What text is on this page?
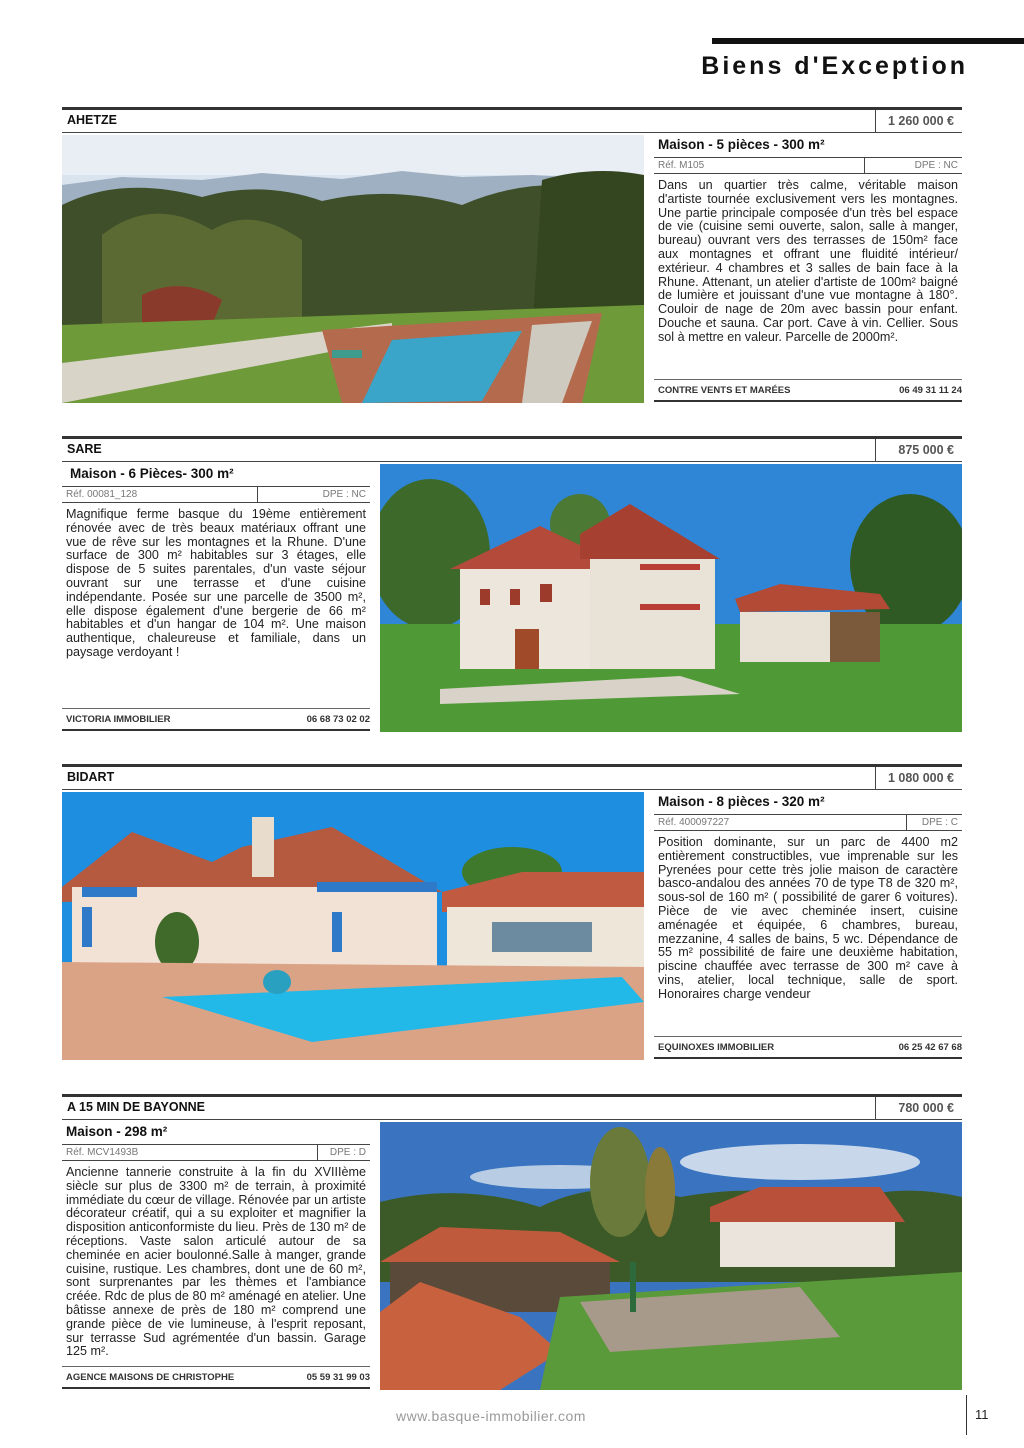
Biens d'Exception
AHETZE	1 260 000 €
Maison - 5 pièces - 300 m²
Réf. M105	DPE : NC
Dans un quartier très calme, véritable maison d'artiste tournée exclusivement vers les montagnes. Une partie principale composée d'un très bel espace de vie (cuisine semi ouverte, salon, salle à manger, bureau) ouvrant vers des terrasses de 150m² face aux montagnes et offrant une fluidité intérieur/ extérieur. 4 chambres et 3 salles de bain face à la Rhune. Attenant, un atelier d'artiste de 100m² baigné de lumière et jouissant d'une vue montagne à 180°. Couloir de nage de 20m avec bassin pour enfant. Douche et sauna. Car port. Cave à vin. Cellier. Sous sol à mettre en valeur. Parcelle de 2000m².
CONTRE VENTS ET MARÉES	06 49 31 11 24
SARE	875 000 €
Maison - 6 Pièces- 300 m²
Réf. 00081_128	DPE : NC
Magnifique ferme basque du 19ème entièrement rénovée avec de très beaux matériaux offrant une vue de rêve sur les montagnes et la Rhune. D'une surface de 300 m² habitables sur 3 étages, elle dispose de 5 suites parentales, d'un vaste séjour ouvrant sur une terrasse et d'une cuisine indépendante. Posée sur une parcelle de 3500 m², elle dispose également d'une bergerie de 66 m² habitables et d'un hangar de 104 m². Une maison authentique, chaleureuse et familiale, dans un paysage verdoyant !
VICTORIA IMMOBILIER	06 68 73 02 02
BIDART	1 080 000 €
Maison - 8 pièces - 320 m²
Réf. 400097227	DPE : C
Position dominante, sur un parc de 4400 m2 entièrement constructibles, vue imprenable sur les Pyrenées pour cette très jolie maison de caractère basco-andalou des années 70 de type T8 de 320 m², sous-sol de 160 m² ( possibilité de garer 6 voitures). Pièce de vie avec cheminée insert, cuisine aménagée et équipée, 6 chambres, bureau, mezzanine, 4 salles de bains, 5 wc. Dépendance de 55 m² possibilité de faire une deuxième habitation, piscine chauffée avec terrasse de 300 m² cave à vins, atelier, local technique, salle de sport. Honoraires charge vendeur
EQUINOXES IMMOBILIER	06 25 42 67 68
A 15 MIN DE BAYONNE	780 000 €
Maison - 298 m²
Réf. MCV1493B	DPE : D
Ancienne tannerie construite à la fin du XVIIIème siècle sur plus de 3300 m² de terrain, à proximité immédiate du cœur de village. Rénovée par un artiste décorateur créatif, qui a su exploiter et magnifier la disposition anticonformiste du lieu. Près de 130 m² de réceptions. Vaste salon articulé autour de sa cheminée en acier boulonné.Salle à manger, grande cuisine, rustique. Les chambres, dont une de 60 m², sont surprenantes par les thèmes et l'ambiance créée. Rdc de plus de 80 m² aménagé en atelier. Une bâtisse annexe de près de 180 m² comprend une grande pièce de vie lumineuse, à l'esprit reposant, sur terrasse Sud agrémentée d'un bassin. Garage 125 m².
AGENCE MAISONS DE CHRISTOPHE	05 59 31 99 03
www.basque-immobilier.com	11
